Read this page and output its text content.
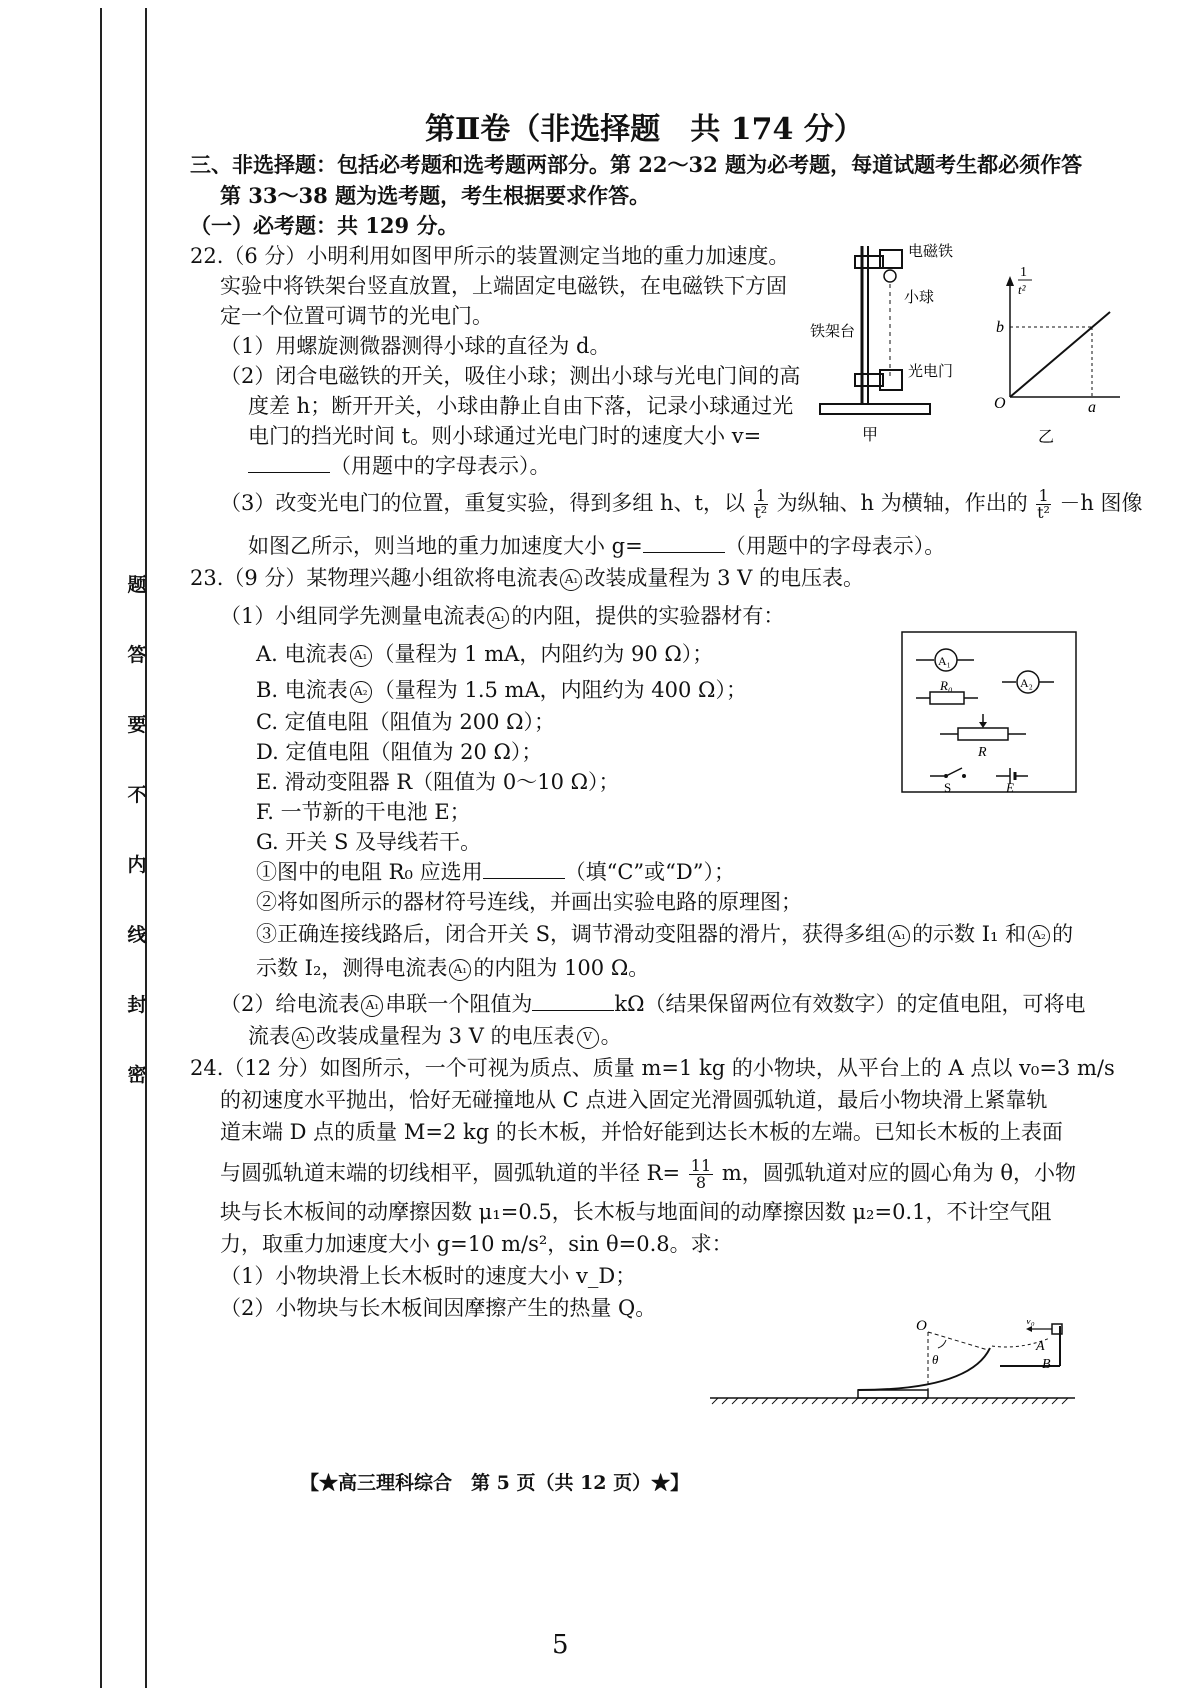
题
答
要
不
内
线
封
密
第Ⅱ卷（非选择题　共 174 分）
三、非选择题：包括必考题和选考题两部分。第 22～32 题为必考题，每道试题考生都必须作答
第 33～38 题为选考题，考生根据要求作答。
（一）必考题：共 129 分。
22.（6 分）小明利用如图甲所示的装置测定当地的重力加速度。
实验中将铁架台竖直放置，上端固定电磁铁，在电磁铁下方固
定一个位置可调节的光电门。
（1）用螺旋测微器测得小球的直径为 d。
（2）闭合电磁铁的开关，吸住小球；测出小球与光电门间的高
度差 h；断开开关，小球由静止自由下落，记录小球通过光
电门的挡光时间 t。则小球通过光电门时的速度大小 v=
（用题中的字母表示）。
（3）改变光电门的位置，重复实验，得到多组 h、t，以 $\frac{1}{\text{t²}}$ 为纵轴、h 为横轴，作出的 $\frac{1}{\text{t²}} -h$ 图像
如图乙所示，则当地的重力加速度大小 g=	（用题中的字母表示）。
电磁铁
小球
铁架台
光电门
甲
1
t²
b
O	a
乙
23.（9 分）某物理兴趣小组欲将电流表 A₁ 改装成量程为 3 V 的电压表。
（1）小组同学先测量电流表 A₁ 的内阻，提供的实验器材有：
A. 电流表 A₁ （量程为 1 mA，内阻约为 90 Ω）；
B. 电流表 A₂ （量程为 1.5 mA，内阻约为 400 Ω）；
C. 定值电阻（阻值为 200 Ω）；
D. 定值电阻（阻值为 20 Ω）；
E. 滑动变阻器 R（阻值为 0～10 Ω）；
F. 一节新的干电池 E；
G. 开关 S 及导线若干。
①图中的电阻 R₀ 应选用	（填“C”或“D”）；
②将如图所示的器材符号连线，并画出实验电路的原理图；
③正确连接线路后，闭合开关 S，调节滑动变阻器的滑片，获得多组 A₁ 的示数 I₁ 和 A₂ 的
示数 I₂，测得电流表 A₁ 的内阻为 100 Ω。
（2）给电流表 A₁ 串联一个阻值为	kΩ（结果保留两位有效数字）的定值电阻，可将电
流表 A₁ 改装成量程为 3 V 的电压表 V 。
A₁
R₀	A₂
R
S	E
24.（12 分）如图所示，一个可视为质点、质量 m=1 kg 的小物块，从平台上的 A 点以 v₀=3 m/s
的初速度水平抛出，恰好无碰撞地从 C 点进入固定光滑圆弧轨道，最后小物块滑上紧靠轨
道末端 D 点的质量 M=2 kg 的长木板，并恰好能到达长木板的左端。已知长木板的上表面
与圆弧轨道末端的切线相平，圆弧轨道的半径 $R= \frac{11}{8}$ m，圆弧轨道对应的圆心角为 θ，小物
块与长木板间的动摩擦因数 μ₁=0.5，长木板与地面间的动摩擦因数 μ₂=0.1，不计空气阻
力，取重力加速度大小 g=10 m/s²，sin θ=0.8。求：
（1）小物块滑上长木板时的速度大小 v_D；
（2）小物块与长木板间因摩擦产生的热量 Q。
O
θ
v₀
A
B
【★高三理科综合　第 5 页（共 12 页）★】
5
